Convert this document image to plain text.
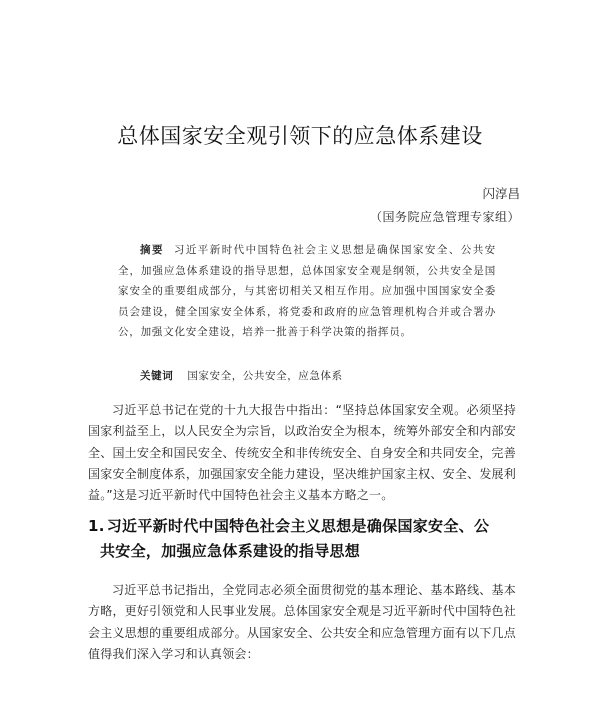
总体国家安全观引领下的应急体系建设
闪淳昌
（国务院应急管理专家组）
摘要 习近平新时代中国特色社会主义思想是确保国家安全、公共安全，加强应急体系建设的指导思想，总体国家安全观是纲领，公共安全是国家安全的重要组成部分，与其密切相关又相互作用。应加强中国国家安全委员会建设，健全国家安全体系，将党委和政府的应急管理机构合并或合署办公，加强文化安全建设，培养一批善于科学决策的指挥员。
关键词 国家安全，公共安全，应急体系
习近平总书记在党的十九大报告中指出：“坚持总体国家安全观。必须坚持国家利益至上，以人民安全为宗旨，以政治安全为根本，统筹外部安全和内部安全、国土安全和国民安全、传统安全和非传统安全、自身安全和共同安全，完善国家安全制度体系，加强国家安全能力建设，坚决维护国家主权、安全、发展利益。”这是习近平新时代中国特色社会主义基本方略之一。
1. 习近平新时代中国特色社会主义思想是确保国家安全、公
共安全，加强应急体系建设的指导思想
习近平总书记指出，全党同志必须全面贯彻党的基本理论、基本路线、基本方略，更好引领党和人民事业发展。总体国家安全观是习近平新时代中国特色社会主义思想的重要组成部分。从国家安全、公共安全和应急管理方面有以下几点值得我们深入学习和认真领会：
